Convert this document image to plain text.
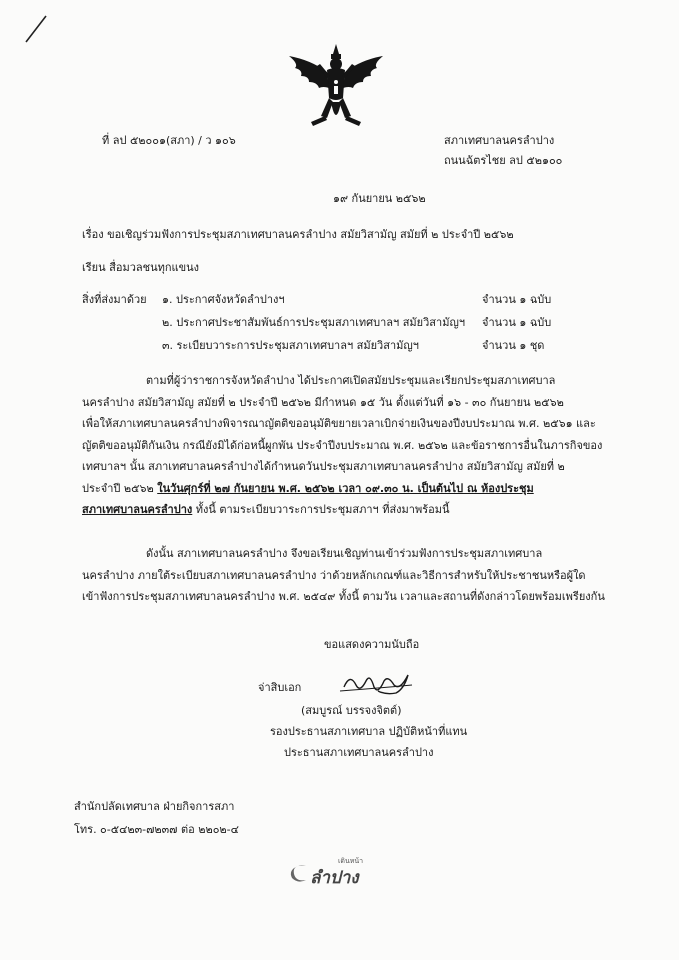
ที่ ลป ๕๒๐๐๑(สภา) / ว ๑๐๖	สภาเทศบาลนครลำปาง
ถนนฉัตรไชย ลป ๕๒๑๐๐
๑๙ กันยายน ๒๕๖๒
เรื่อง ขอเชิญร่วมฟังการประชุมสภาเทศบาลนครลำปาง สมัยวิสามัญ สมัยที่ ๒ ประจำปี ๒๕๖๒
เรียน สื่อมวลชนทุกแขนง
สิ่งที่ส่งมาด้วย ๑. ประกาศจังหวัดลำปางฯ	จำนวน ๑ ฉบับ
๒. ประกาศประชาสัมพันธ์การประชุมสภาเทศบาลฯ สมัยวิสามัญฯ จำนวน ๑ ฉบับ
๓. ระเบียบวาระการประชุมสภาเทศบาลฯ สมัยวิสามัญฯ	จำนวน ๑ ชุด
ตามที่ผู้ว่าราชการจังหวัดลำปาง ได้ประกาศเปิดสมัยประชุมและเรียกประชุมสภาเทศบาล
นครลำปาง สมัยวิสามัญ สมัยที่ ๒ ประจำปี ๒๕๖๒ มีกำหนด ๑๕ วัน ตั้งแต่วันที่ ๑๖ - ๓๐ กันยายน ๒๕๖๒
เพื่อให้สภาเทศบาลนครลำปางพิจารณาญัตติขออนุมัติขยายเวลาเบิกจ่ายเงินของปีงบประมาณ พ.ศ. ๒๕๖๑ และ
ญัตติขออนุมัติกันเงิน กรณียังมิได้ก่อหนี้ผูกพัน ประจำปีงบประมาณ พ.ศ. ๒๕๖๒ และข้อราชการอื่นในภารกิจของ
เทศบาลฯ นั้น สภาเทศบาลนครลำปางได้กำหนดวันประชุมสภาเทศบาลนครลำปาง สมัยวิสามัญ สมัยที่ ๒
ประจำปี ๒๕๖๒ ในวันศุกร์ที่ ๒๗ กันยายน พ.ศ. ๒๕๖๒ เวลา ๐๙.๓๐ น. เป็นต้นไป ณ ห้องประชุม
สภาเทศบาลนครลำปาง ทั้งนี้ ตามระเบียบวาระการประชุมสภาฯ ที่ส่งมาพร้อมนี้
ดังนั้น สภาเทศบาลนครลำปาง จึงขอเรียนเชิญท่านเข้าร่วมฟังการประชุมสภาเทศบาล
นครลำปาง ภายใต้ระเบียบสภาเทศบาลนครลำปาง ว่าด้วยหลักเกณฑ์และวิธีการสำหรับให้ประชาชนหรือผู้ใด
เข้าฟังการประชุมสภาเทศบาลนครลำปาง พ.ศ. ๒๕๔๙ ทั้งนี้ ตามวัน เวลาและสถานที่ดังกล่าวโดยพร้อมเพรียงกัน
ขอแสดงความนับถือ
จ่าสิบเอก
(สมบูรณ์ บรรจงจิตต์)
รองประธานสภาเทศบาล ปฏิบัติหน้าที่แทน
ประธานสภาเทศบาลนครลำปาง
สำนักปลัดเทศบาล ฝ่ายกิจการสภา
โทร. ๐-๕๔๒๓-๗๒๓๗ ต่อ ๒๒๐๒-๔
เดินหน้า
ลำปาง
